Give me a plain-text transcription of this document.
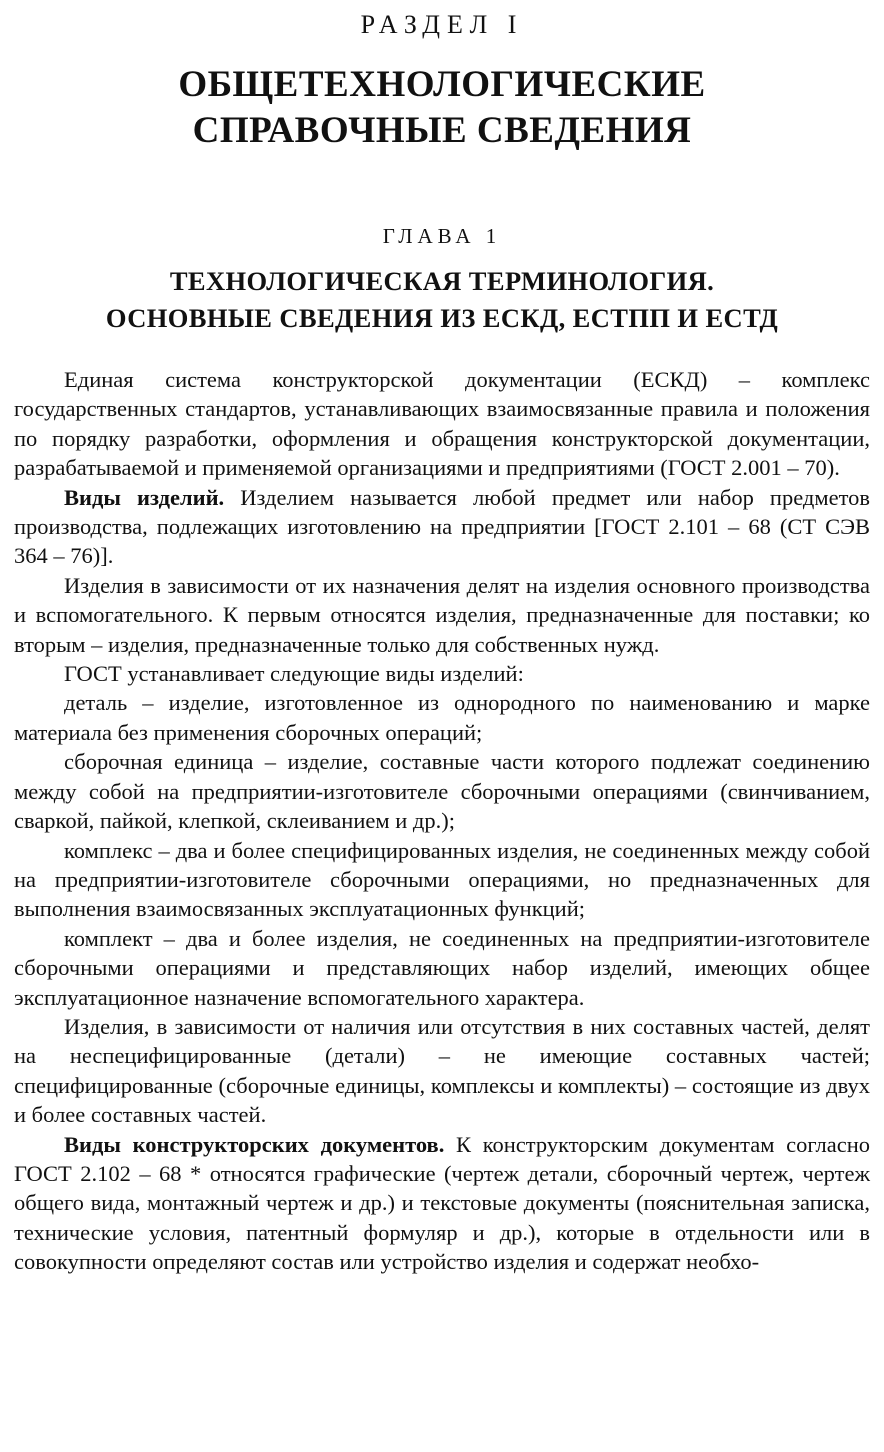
РАЗДЕЛ I
ОБЩЕТЕХНОЛОГИЧЕСКИЕ
СПРАВОЧНЫЕ СВЕДЕНИЯ
ГЛАВА 1
ТЕХНОЛОГИЧЕСКАЯ ТЕРМИНОЛОГИЯ.
ОСНОВНЫЕ СВЕДЕНИЯ ИЗ ЕСКД, ЕСТПП И ЕСТД

Единая система конструкторской документации (ЕСКД) – комплекс государственных стандартов, устанавливающих взаимосвязанные правила и положения по порядку разработки, оформления и обращения конструкторской документации, разрабатываемой и применяемой организациями и предприятиями (ГОСТ 2.001 – 70).

Виды изделий. Изделием называется любой предмет или набор предметов производства, подлежащих изготовлению на предприятии [ГОСТ 2.101 – 68 (СТ СЭВ 364 – 76)].

Изделия в зависимости от их назначения делят на изделия основного производства и вспомогательного. К первым относятся изделия, предназначенные для поставки; ко вторым – изделия, предназначенные только для собственных нужд.

ГОСТ устанавливает следующие виды изделий:

деталь – изделие, изготовленное из однородного по наименованию и марке материала без применения сборочных операций;

сборочная единица – изделие, составные части которого подлежат соединению между собой на предприятии-изготовителе сборочными операциями (свинчиванием, сваркой, пайкой, клепкой, склеиванием и др.);

комплекс – два и более специфицированных изделия, не соединенных между собой на предприятии-изготовителе сборочными операциями, но предназначенных для выполнения взаимосвязанных эксплуатационных функций;

комплект – два и более изделия, не соединенных на предприятии-изготовителе сборочными операциями и представляющих набор изделий, имеющих общее эксплуатационное назначение вспомогательного характера.

Изделия, в зависимости от наличия или отсутствия в них составных частей, делят на неспецифицированные (детали) – не имеющие составных частей; специфицированные (сборочные единицы, комплексы и комплекты) – состоящие из двух и более составных частей.

Виды конструкторских документов. К конструкторским документам согласно ГОСТ 2.102 – 68 * относятся графические (чертеж детали, сборочный чертеж, чертеж общего вида, монтажный чертеж и др.) и текстовые документы (пояснительная записка, технические условия, патентный формуляр и др.), которые в отдельности или в совокупности определяют состав или устройство изделия и содержат необхо-
